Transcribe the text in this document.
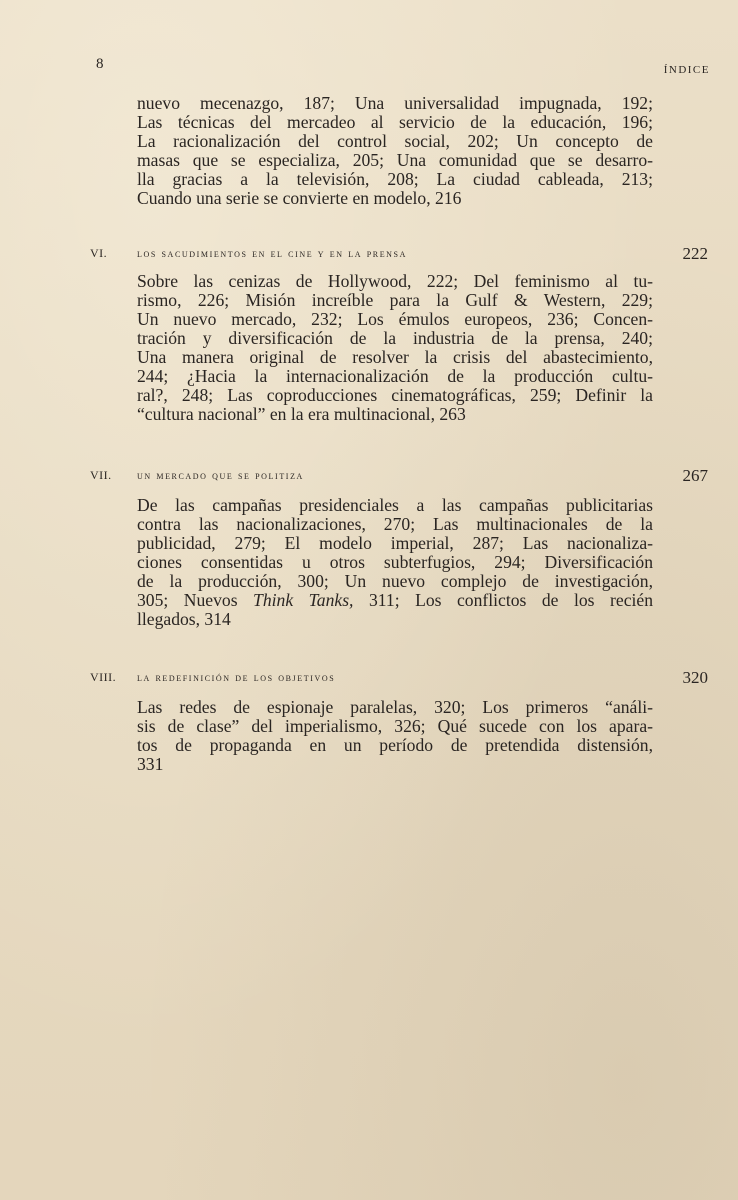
8	ÍNDICE
nuevo mecenazgo, 187; Una universalidad impugnada, 192;
Las técnicas del mercadeo al servicio de la educación, 196;
La racionalización del control social, 202; Un concepto de
masas que se especializa, 205; Una comunidad que se desarro-
lla gracias a la televisión, 208; La ciudad cableada, 213;
Cuando una serie se convierte en modelo, 216
VI. los sacudimientos en el cine y en la prensa	222
Sobre las cenizas de Hollywood, 222; Del feminismo al tu-
rismo, 226; Misión increíble para la Gulf & Western, 229;
Un nuevo mercado, 232; Los émulos europeos, 236; Concen-
tración y diversificación de la industria de la prensa, 240;
Una manera original de resolver la crisis del abastecimiento,
244; ¿Hacia la internacionalización de la producción cultu-
ral?, 248; Las coproducciones cinematográficas, 259; Definir la
“cultura nacional” en la era multinacional, 263
VII. un mercado que se politiza	267
De las campañas presidenciales a las campañas publicitarias
contra las nacionalizaciones, 270; Las multinacionales de la
publicidad, 279; El modelo imperial, 287; Las nacionaliza-
ciones consentidas u otros subterfugios, 294; Diversificación
de la producción, 300; Un nuevo complejo de investigación,
305; Nuevos Think Tanks, 311; Los conflictos de los recién
llegados, 314
VIII. la redefinición de los objetivos	320
Las redes de espionaje paralelas, 320; Los primeros “análi-
sis de clase” del imperialismo, 326; Qué sucede con los apara-
tos de propaganda en un período de pretendida distensión,
331
